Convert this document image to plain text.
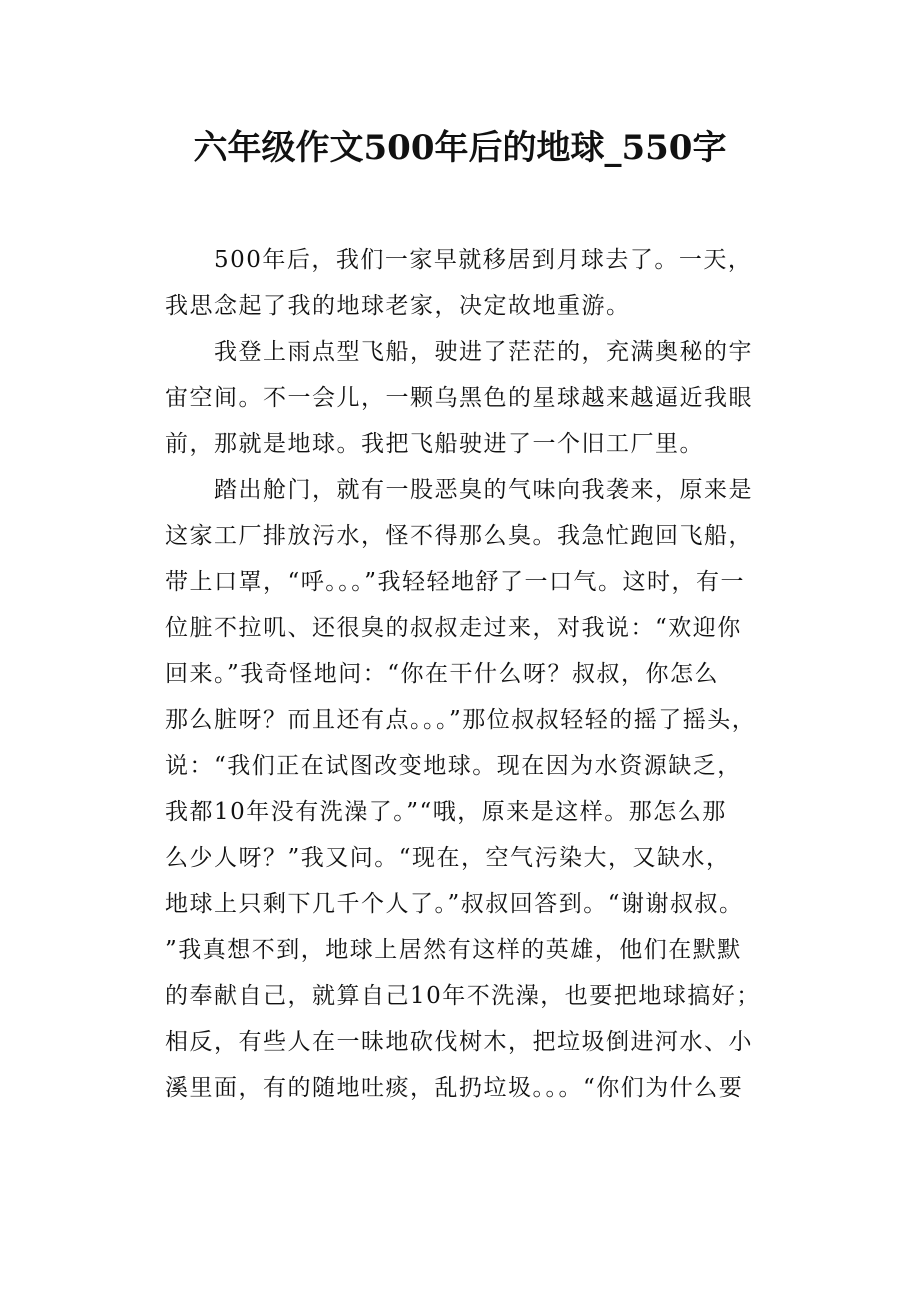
六年级作文500年后的地球_550字
　　500年后，我们一家早就移居到月球去了。一天，
我思念起了我的地球老家，决定故地重游。
　　我登上雨点型飞船，驶进了茫茫的，充满奥秘的宇
宙空间。不一会儿，一颗乌黑色的星球越来越逼近我眼
前，那就是地球。我把飞船驶进了一个旧工厂里。
　　踏出舱门，就有一股恶臭的气味向我袭来，原来是
这家工厂排放污水，怪不得那么臭。我急忙跑回飞船，
带上口罩，“呼。。。”我轻轻地舒了一口气。这时，有一
位脏不拉叽、还很臭的叔叔走过来，对我说：“欢迎你
回来。”我奇怪地问：“你在干什么呀？叔叔，你怎么
那么脏呀？而且还有点。。。”那位叔叔轻轻的摇了摇头，
说：“我们正在试图改变地球。现在因为水资源缺乏，
我都10年没有洗澡了。”“哦，原来是这样。那怎么那
么少人呀？”我又问。“现在，空气污染大，又缺水，
地球上只剩下几千个人了。”叔叔回答到。“谢谢叔叔。
”我真想不到，地球上居然有这样的英雄，他们在默默
的奉献自己，就算自己10年不洗澡，也要把地球搞好；
相反，有些人在一昧地砍伐树木，把垃圾倒进河水、小
溪里面，有的随地吐痰，乱扔垃圾。。。“你们为什么要
